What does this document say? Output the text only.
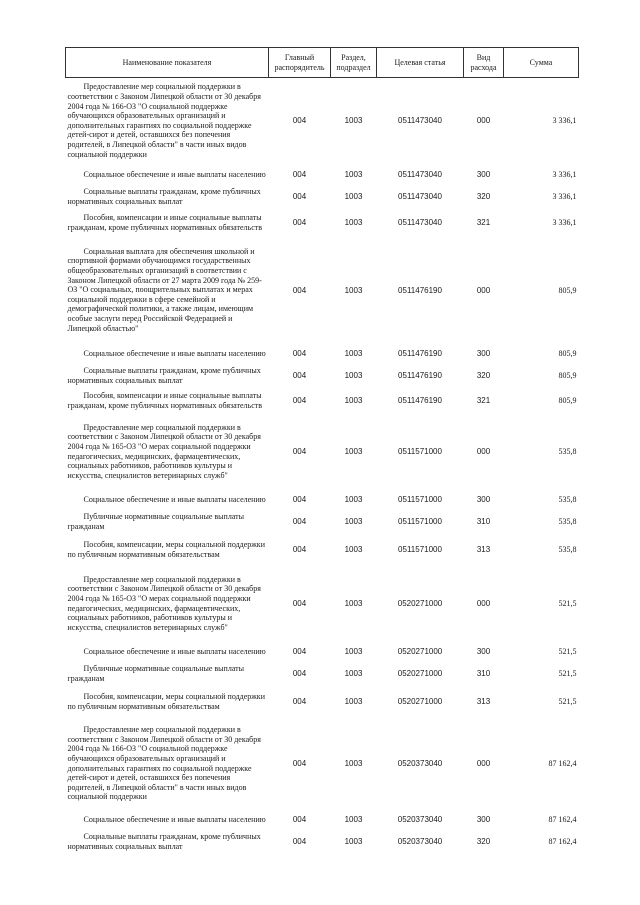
Наименование показателя	Главный распорядитель	Раздел, подраздел	Целевая статья	Вид расхода	Сумма
Предоставление мер социальной поддержки в соответствии с Законом Липецкой области от 30 декабря 2004 года № 166-ОЗ "О социальной поддержке обучающихся образовательных организаций и дополнительных гарантиях по социальной поддержке детей-сирот и детей, оставшихся без попечения родителей, в Липецкой области" в части иных видов социальной поддержки	004	1003	0511473040	000	3 336,1
Социальное обеспечение и иные выплаты населению	004	1003	0511473040	300	3 336,1
Социальные выплаты гражданам, кроме публичных нормативных социальных выплат	004	1003	0511473040	320	3 336,1
Пособия, компенсации и иные социальные выплаты гражданам, кроме публичных нормативных обязательств	004	1003	0511473040	321	3 336,1
Социальная выплата для обеспечения школьной и спортивной формами обучающимся государственных общеобразовательных организаций в соответствии с Законом Липецкой области от 27 марта 2009 года № 259-ОЗ "О социальных, поощрительных выплатах и мерах социальной поддержки в сфере семейной и демографической политики, а также лицам, имеющим особые заслуги перед Российской Федерацией и Липецкой областью"	004	1003	0511476190	000	805,9
Социальное обеспечение и иные выплаты населению	004	1003	0511476190	300	805,9
Социальные выплаты гражданам, кроме публичных нормативных социальных выплат	004	1003	0511476190	320	805,9
Пособия, компенсации и иные социальные выплаты гражданам, кроме публичных нормативных обязательств	004	1003	0511476190	321	805,9
Предоставление мер социальной поддержки в соответствии с Законом Липецкой области от 30 декабря 2004 года № 165-ОЗ "О мерах социальной поддержки педагогических, медицинских, фармацевтических, социальных работников, работников культуры и искусства, специалистов ветеринарных служб"	004	1003	0511571000	000	535,8
Социальное обеспечение и иные выплаты населению	004	1003	0511571000	300	535,8
Публичные нормативные социальные выплаты гражданам	004	1003	0511571000	310	535,8
Пособия, компенсации, меры социальной поддержки по публичным нормативным обязательствам	004	1003	0511571000	313	535,8
Предоставление мер социальной поддержки в соответствии с Законом Липецкой области от 30 декабря 2004 года № 165-ОЗ "О мерах социальной поддержки педагогических, медицинских, фармацевтических, социальных работников, работников культуры и искусства, специалистов ветеринарных служб"	004	1003	0520271000	000	521,5
Социальное обеспечение и иные выплаты населению	004	1003	0520271000	300	521,5
Публичные нормативные социальные выплаты гражданам	004	1003	0520271000	310	521,5
Пособия, компенсации, меры социальной поддержки по публичным нормативным обязательствам	004	1003	0520271000	313	521,5
Предоставление мер социальной поддержки в соответствии с Законом Липецкой области от 30 декабря 2004 года № 166-ОЗ "О социальной поддержке обучающихся образовательных организаций и дополнительных гарантиях по социальной поддержке детей-сирот и детей, оставшихся без попечения родителей, в Липецкой области" в части иных видов социальной поддержки	004	1003	0520373040	000	87 162,4
Социальное обеспечение и иные выплаты населению	004	1003	0520373040	300	87 162,4
Социальные выплаты гражданам, кроме публичных нормативных социальных выплат	004	1003	0520373040	320	87 162,4
